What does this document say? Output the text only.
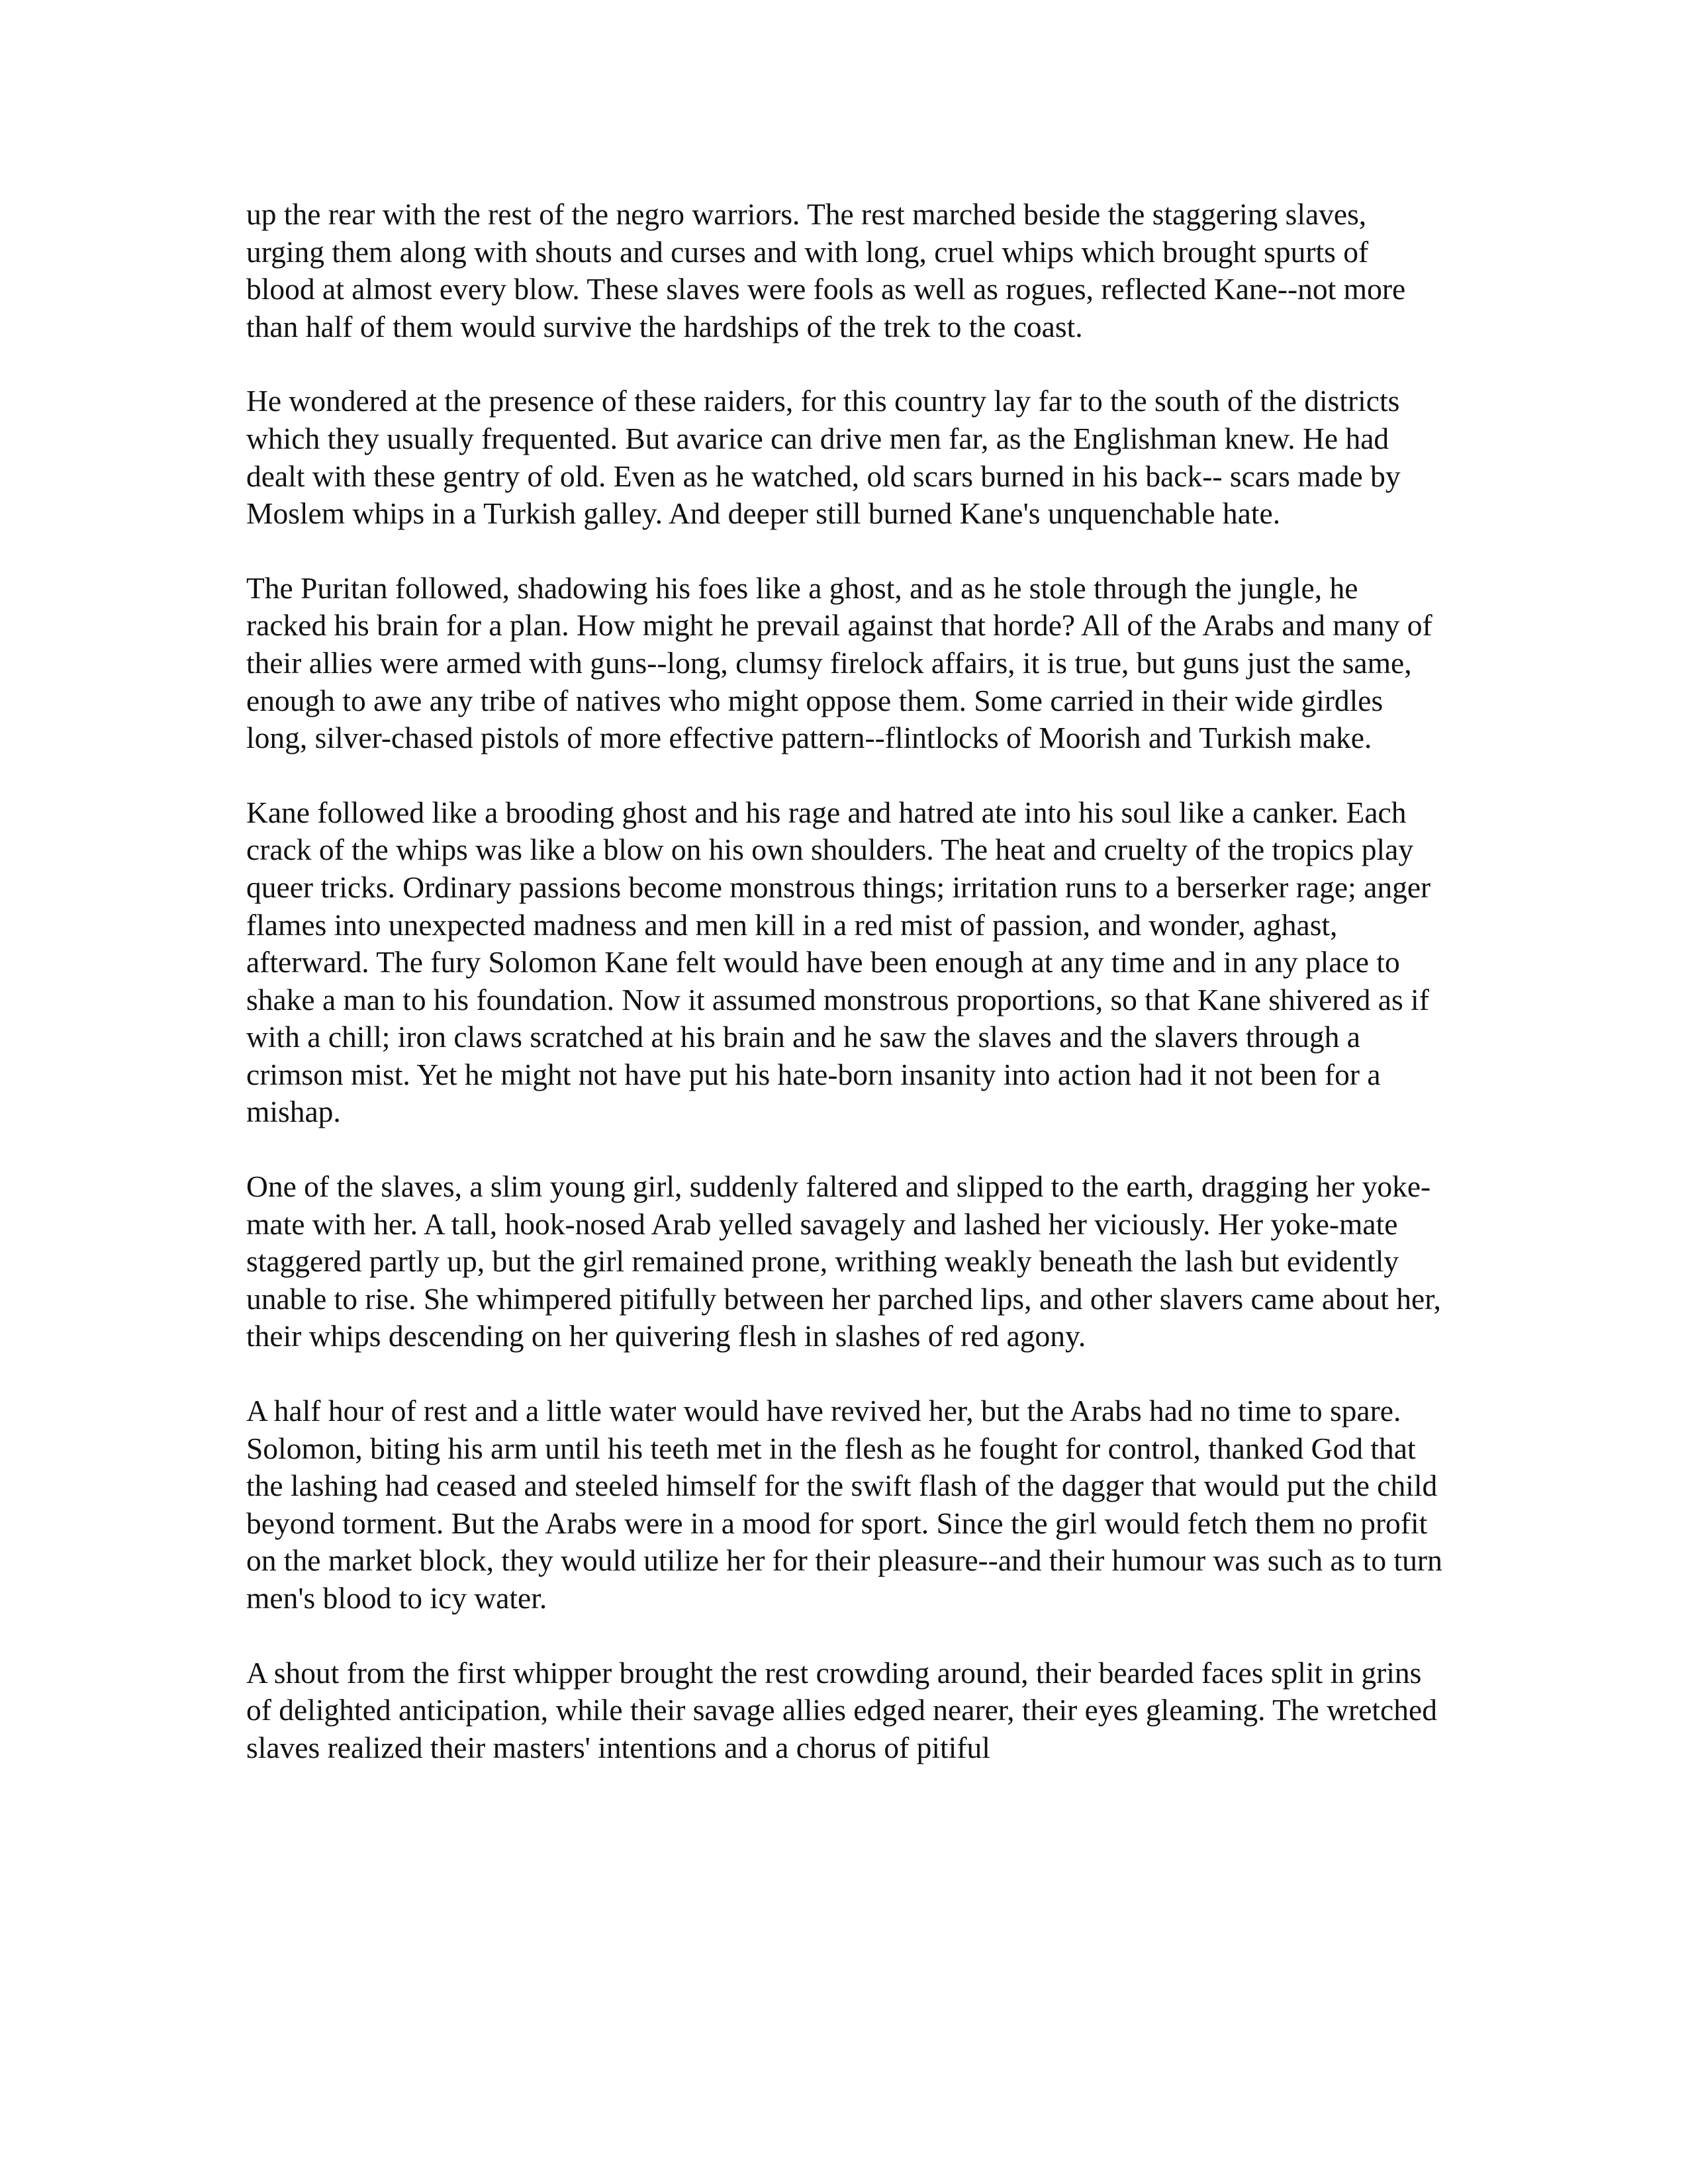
up the rear with the rest of the negro warriors. The rest marched beside the staggering slaves, urging them along with shouts and curses and with long, cruel whips which brought spurts of blood at almost every blow. These slaves were fools as well as rogues, reflected Kane--not more than half of them would survive the hardships of the trek to the coast.

He wondered at the presence of these raiders, for this country lay far to the south of the districts which they usually frequented. But avarice can drive men far, as the Englishman knew. He had dealt with these gentry of old. Even as he watched, old scars burned in his back-- scars made by Moslem whips in a Turkish galley. And deeper still burned Kane's unquenchable hate.

The Puritan followed, shadowing his foes like a ghost, and as he stole through the jungle, he racked his brain for a plan. How might he prevail against that horde? All of the Arabs and many of their allies were armed with guns--long, clumsy firelock affairs, it is true, but guns just the same, enough to awe any tribe of natives who might oppose them. Some carried in their wide girdles long, silver-chased pistols of more effective pattern--flintlocks of Moorish and Turkish make.

Kane followed like a brooding ghost and his rage and hatred ate into his soul like a canker. Each crack of the whips was like a blow on his own shoulders. The heat and cruelty of the tropics play queer tricks. Ordinary passions become monstrous things; irritation runs to a berserker rage; anger flames into unexpected madness and men kill in a red mist of passion, and wonder, aghast, afterward. The fury Solomon Kane felt would have been enough at any time and in any place to shake a man to his foundation. Now it assumed monstrous proportions, so that Kane shivered as if with a chill; iron claws scratched at his brain and he saw the slaves and the slavers through a crimson mist. Yet he might not have put his hate-born insanity into action had it not been for a mishap.

One of the slaves, a slim young girl, suddenly faltered and slipped to the earth, dragging her yoke-mate with her. A tall, hook-nosed Arab yelled savagely and lashed her viciously. Her yoke-mate staggered partly up, but the girl remained prone, writhing weakly beneath the lash but evidently unable to rise. She whimpered pitifully between her parched lips, and other slavers came about her, their whips descending on her quivering flesh in slashes of red agony.

A half hour of rest and a little water would have revived her, but the Arabs had no time to spare. Solomon, biting his arm until his teeth met in the flesh as he fought for control, thanked God that the lashing had ceased and steeled himself for the swift flash of the dagger that would put the child beyond torment. But the Arabs were in a mood for sport. Since the girl would fetch them no profit on the market block, they would utilize her for their pleasure--and their humour was such as to turn men's blood to icy water.

A shout from the first whipper brought the rest crowding around, their bearded faces split in grins of delighted anticipation, while their savage allies edged nearer, their eyes gleaming. The wretched slaves realized their masters' intentions and a chorus of pitiful
